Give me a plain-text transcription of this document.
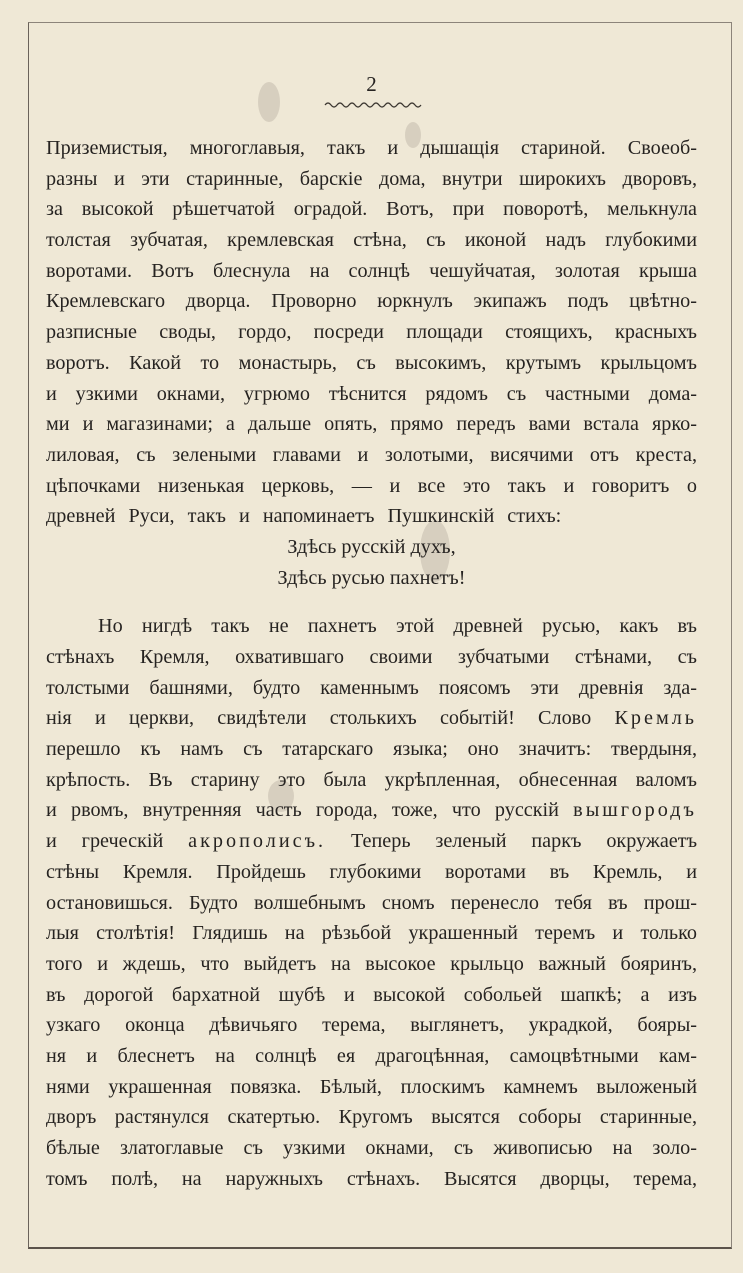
2
Приземистыя, многоглавыя, такъ и дышащія стариной. Своеоб-
разны и эти старинные, барскіе дома, внутри широкихъ дворовъ,
за высокой рѣшетчатой оградой. Вотъ, при поворотѣ, мелькнула
толстая зубчатая, кремлевская стѣна, съ иконой надъ глубокими
воротами. Вотъ блеснула на солнцѣ чешуйчатая, золотая крыша
Кремлевскаго дворца. Проворно юркнулъ экипажъ подъ цвѣтно-
разписные своды, гордо, посреди площади стоящихъ, красныхъ
воротъ. Какой то монастырь, съ высокимъ, крутымъ крыльцомъ
и узкими окнами, угрюмо тѣснится рядомъ съ частными дома-
ми и магазинами; а дальше опять, прямо передъ вами встала ярко-
лиловая, съ зелеными главами и золотыми, висячими отъ креста,
цѣпочками низенькая церковь, — и все это такъ и говоритъ о
древней Руси, такъ и напоминаетъ Пушкинскій стихъ:
Здѣсь русскій духъ,
Здѣсь русью пахнетъ!
Но нигдѣ такъ не пахнетъ этой древней русью, какъ въ
стѣнахъ Кремля, охватившаго своими зубчатыми стѣнами, съ
толстыми башнями, будто каменнымъ поясомъ эти древнія зда-
нія и церкви, свидѣтели столькихъ событій! Слово Кремль
перешло къ намъ съ татарскаго языка; оно значитъ: твердыня,
крѣпость. Въ старину это была укрѣпленная, обнесенная валомъ
и рвомъ, внутренняя часть города, тоже, что русскій вышгородъ
и греческій акрополисъ. Теперь зеленый паркъ окружаетъ
стѣны Кремля. Пройдешь глубокими воротами въ Кремль, и
остановишься. Будто волшебнымъ сномъ перенесло тебя въ прош-
лыя столѣтія! Глядишь на рѣзьбой украшенный теремъ и только
того и ждешь, что выйдетъ на высокое крыльцо важный бояринъ,
въ дорогой бархатной шубѣ и высокой собольей шапкѣ; а изъ
узкаго оконца дѣвичьяго терема, выглянетъ, украдкой, бояры-
ня и блеснетъ на солнцѣ ея драгоцѣнная, самоцвѣтными кам-
нями украшенная повязка. Бѣлый, плоскимъ камнемъ выложеный
дворъ растянулся скатертью. Кругомъ высятся соборы старинные,
бѣлые златоглавые съ узкими окнами, съ живописью на золо-
томъ полѣ, на наружныхъ стѣнахъ. Высятся дворцы, терема,
